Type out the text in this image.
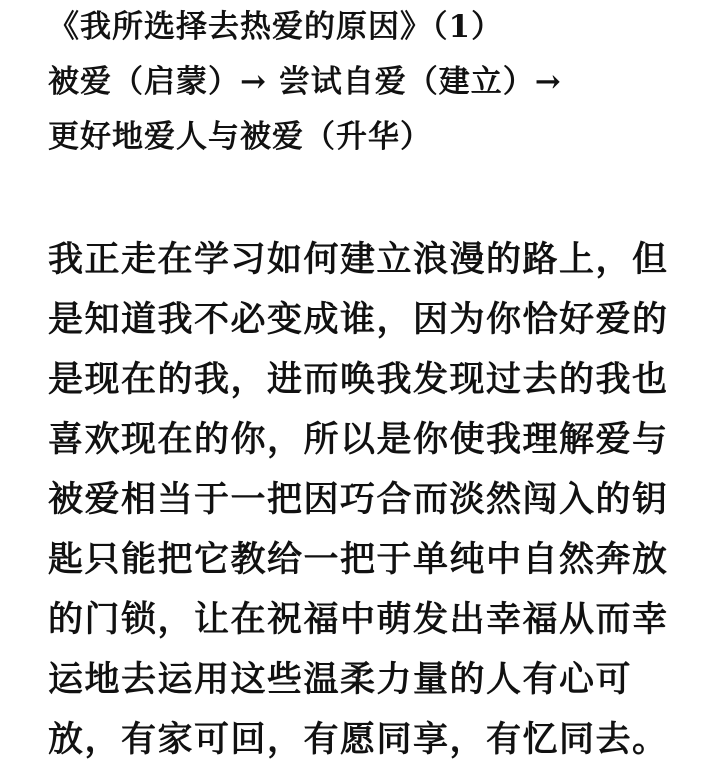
《我所选择去热爱的原因》（1）
被爱（启蒙）→ 尝试自爱（建立）→
更好地爱人与被爱（升华）
我正走在学习如何建立浪漫的路上，但
是知道我不必变成谁，因为你恰好爱的
是现在的我，进而唤我发现过去的我也
喜欢现在的你，所以是你使我理解爱与
被爱相当于一把因巧合而淡然闯入的钥
匙只能把它教给一把于单纯中自然奔放
的门锁，让在祝福中萌发出幸福从而幸
运地去运用这些温柔力量的人有心可
放，有家可回，有愿同享，有忆同去。
